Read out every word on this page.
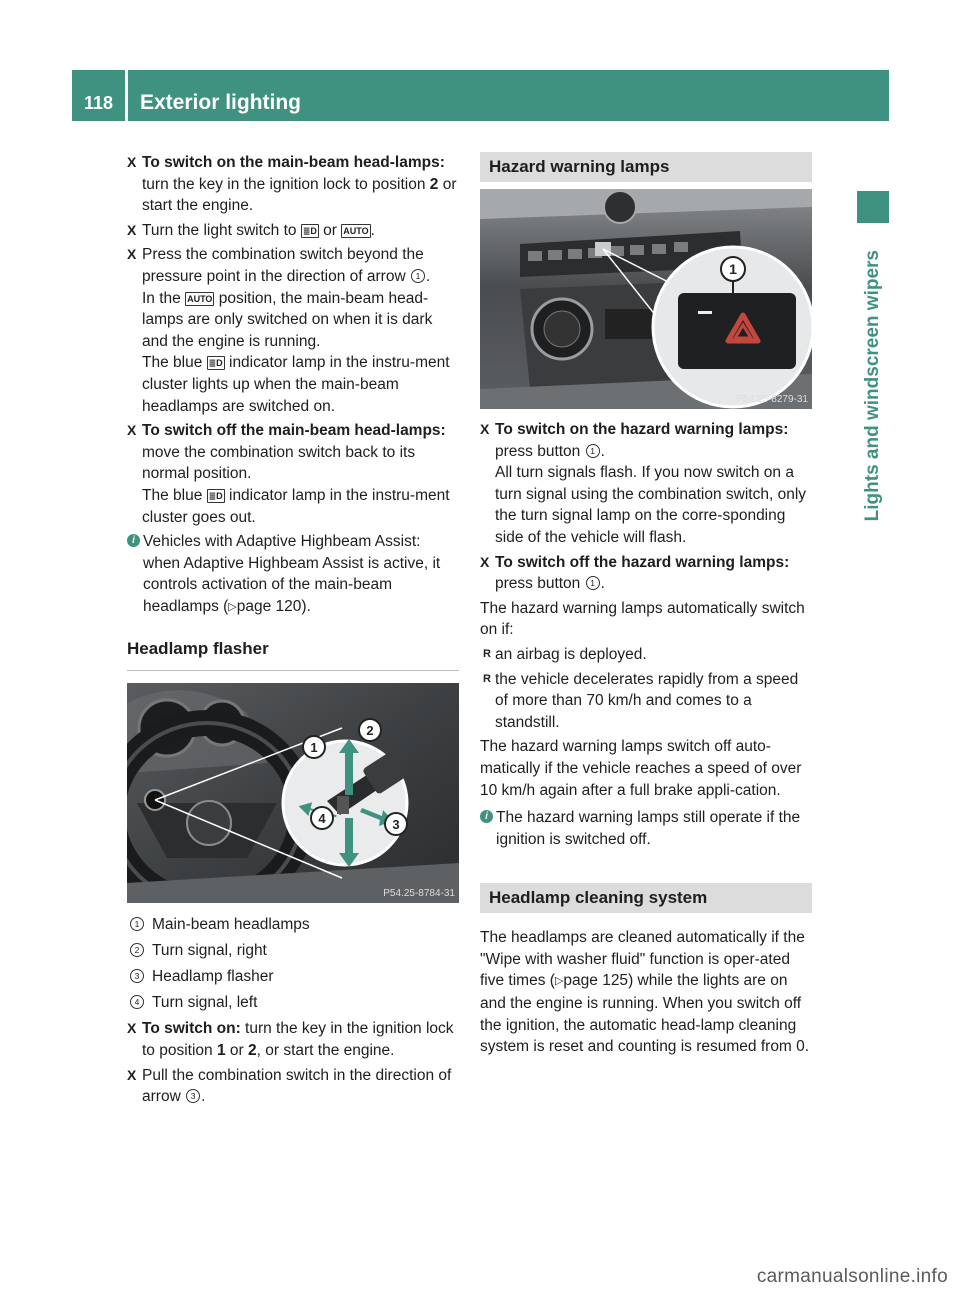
118	Exterior lighting
Lights and windscreen wipers
X To switch on the main-beam head-lamps: turn the key in the ignition lock to position 2 or start the engine.
X Turn the light switch to ≣D or AUTO .
X Press the combination switch beyond the pressure point in the direction of arrow 1 .
In the AUTO position, the main-beam head-lamps are only switched on when it is dark and the engine is running.
The blue ≣D indicator lamp in the instru-ment cluster lights up when the main-beam headlamps are switched on.
X To switch off the main-beam head-lamps: move the combination switch back to its normal position.
The blue ≣D indicator lamp in the instru-ment cluster goes out.
i Vehicles with Adaptive Highbeam Assist: when Adaptive Highbeam Assist is active, it controls activation of the main-beam headlamps (▷page 120).
Headlamp flasher
1
2
3
4
P54.25-8784-31
1 Main-beam headlamps
2 Turn signal, right
3 Headlamp flasher
4 Turn signal, left
X To switch on: turn the key in the ignition lock to position 1 or 2, or start the engine.
X Pull the combination switch in the direction of arrow 3 .
Hazard warning lamps
1
P54.25-8279-31
X To switch on the hazard warning lamps: press button 1 .
All turn signals flash. If you now switch on a turn signal using the combination switch, only the turn signal lamp on the corre-sponding side of the vehicle will flash.
X To switch off the hazard warning lamps: press button 1 .
The hazard warning lamps automatically switch on if:
R an airbag is deployed.
R the vehicle decelerates rapidly from a speed of more than 70 km/h and comes to a standstill.
The hazard warning lamps switch off auto-matically if the vehicle reaches a speed of over 10 km/h again after a full brake appli-cation.
i The hazard warning lamps still operate if the ignition is switched off.
Headlamp cleaning system
The headlamps are cleaned automatically if the "Wipe with washer fluid" function is oper-ated five times (▷page 125) while the lights are on and the engine is running. When you switch off the ignition, the automatic head-lamp cleaning system is reset and counting is resumed from 0.
carmanualsonline.info
